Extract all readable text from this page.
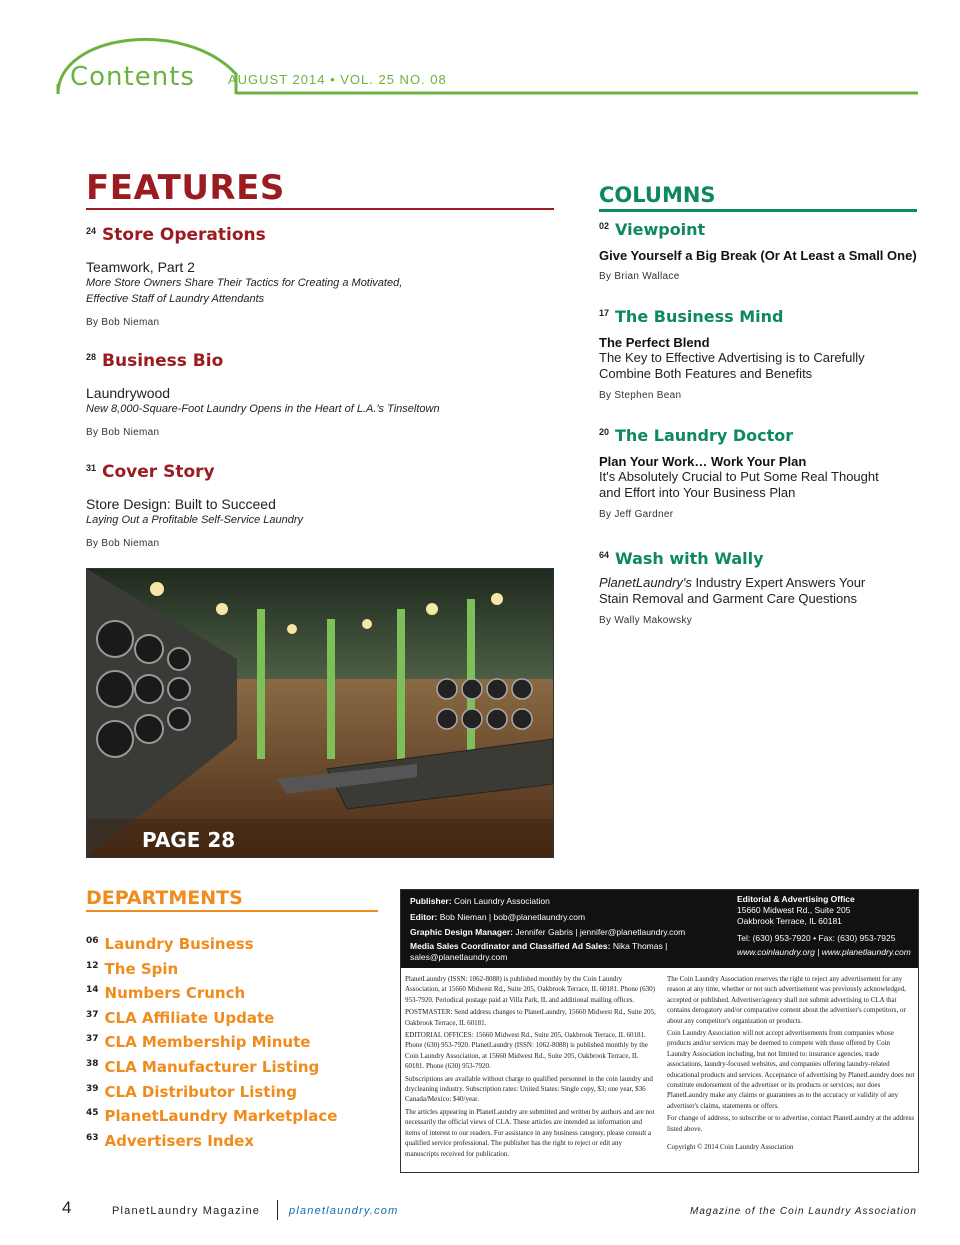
Contents	AUGUST 2014 • VOL. 25 NO. 08
FEATURES
$^{24}$ Store Operations
Teamwork, Part 2
More Store Owners Share Their Tactics for Creating a Motivated, Effective Staff of Laundry Attendants
By Bob Nieman
$^{28}$ Business Bio
Laundrywood
New 8,000-Square-Foot Laundry Opens in the Heart of L.A.'s Tinseltown
By Bob Nieman
$^{31}$ Cover Story
Store Design: Built to Succeed
Laying Out a Profitable Self-Service Laundry
By Bob Nieman
PAGE 28
COLUMNS
$^{02}$ Viewpoint
Give Yourself a Big Break (Or At Least a Small One)
By Brian Wallace
$^{17}$ The Business Mind
The Perfect Blend
The Key to Effective Advertising is to Carefully Combine Both Features and Benefits
By Stephen Bean
$^{20}$ The Laundry Doctor
Plan Your Work… Work Your Plan
It's Absolutely Crucial to Put Some Real Thought and Effort into Your Business Plan
By Jeff Gardner
$^{64}$ Wash with Wally
PlanetLaundry's Industry Expert Answers Your Stain Removal and Garment Care Questions
By Wally Makowsky
DEPARTMENTS
$^{06}$ Laundry Business
$^{12}$ The Spin
$^{14}$ Numbers Crunch
$^{37}$ CLA Affiliate Update
$^{37}$ CLA Membership Minute
$^{38}$ CLA Manufacturer Listing
$^{39}$ CLA Distributor Listing
$^{45}$ PlanetLaundry Marketplace
$^{63}$ Advertisers Index
Publisher: Coin Laundry Association
Editor: Bob Nieman | bob@planetlaundry.com
Graphic Design Manager: Jennifer Gabris | jennifer@planetlaundry.com
Media Sales Coordinator and Classified Ad Sales: Nika Thomas | sales@planetlaundry.com
Editorial & Advertising Office
15660 Midwest Rd., Suite 205
Oakbrook Terrace, IL 60181
Tel: (630) 953-7920 • Fax: (630) 953-7925
www.coinlaundry.org | www.planetlaundry.com

PlanetLaundry (ISSN: 1062-8088) is published monthly by the Coin Laundry Association, at 15660 Midwest Rd., Suite 205, Oakbrook Terrace, IL 60181. Phone (630) 953-7920. Periodical postage paid at Villa Park, IL and additional mailing offices.

POSTMASTER: Send address changes to PlanetLaundry, 15660 Midwest Rd., Suite 205, Oakbrook Terrace, IL 60181.

EDITORIAL OFFICES: 15660 Midwest Rd., Suite 205, Oakbrook Terrace, IL 60181. Phone (630) 953-7920. PlanetLaundry (ISSN: 1062-8088) is published monthly by the Coin Laundry Association, at 15660 Midwest Rd., Suite 205, Oakbrook Terrace, IL 60181. Phone (630) 953-7920.

Subscriptions are available without charge to qualified personnel in the coin laundry and drycleaning industry. Subscription rates: United States: Single copy, $3; one year, $36 Canada/Mexico: $40/year.

The articles appearing in PlanetLaundry are submitted and written by authors and are not necessarily the official views of CLA. These articles are intended as information and items of interest to our readers. For assistance in any business category, please consult a qualified service professional. The publisher has the right to reject or edit any manuscripts received for publication.

The Coin Laundry Association reserves the right to reject any advertisement for any reason at any time, whether or not such advertisement was previously acknowledged, accepted or published. Advertiser/agency shall not submit advertising to CLA that contains derogatory and/or comparative content about the advertiser's competitors, or about any competitor's organization or products.

Coin Laundry Association will not accept advertisements from companies whose products and/or services may be deemed to compete with those offered by Coin Laundry Association including, but not limited to: insurance agencies, trade associations, laundry-focused websites, and companies offering laundry-related educational products and services. Acceptance of advertising by PlanetLaundry does not constitute endorsement of the advertiser or its products or services; nor does PlanetLaundry make any claims or guarantees as to the accuracy or validity of any advertiser's claims, statements or offers.

For change of address, to subscribe or to advertise, contact PlanetLaundry at the address listed above.

Copyright © 2014 Coin Laundry Association

4	PlanetLaundry Magazine	planetlaundry.com	Magazine of the Coin Laundry Association
